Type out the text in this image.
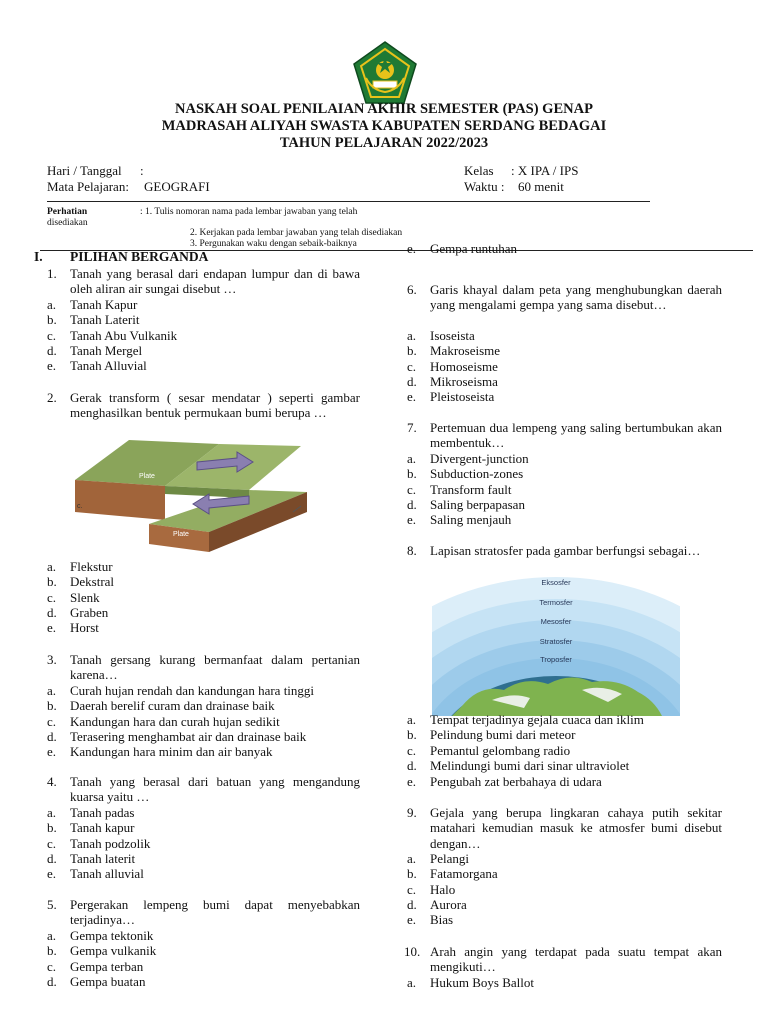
NASKAH SOAL PENILAIAN AKHIR SEMESTER (PAS) GENAP
MADRASAH ALIYAH SWASTA KABUPATEN SERDANG BEDAGAI
TAHUN PELAJARAN 2022/2023
Hari / Tanggal :
Mata Pelajaran: GEOGRAFI
Kelas : X IPA / IPS
Waktu : 60 menit
Perhatian	: 1. Tulis nomoran nama pada lembar jawaban yang telah
disediakan
2. Kerjakan pada lembar jawaban yang telah disediakan
3. Pergunakan waku dengan sebaik-baiknya
I. PILIHAN BERGANDA
1. Tanah yang berasal dari endapan lumpur dan di bawa oleh aliran air sungai disebut …
a. Tanah Kapur
b. Tanah Laterit
c. Tanah Abu Vulkanik
d. Tanah Mergel
e. Tanah Alluvial
2. Gerak transform ( sesar mendatar ) seperti gambar menghasilkan bentuk permukaan bumi berupa …
Plate
Plate
c.
a. Flekstur
b. Dekstral
c. Slenk
d. Graben
e. Horst
3. Tanah gersang kurang bermanfaat dalam pertanian karena…
a. Curah hujan rendah dan kandungan hara tinggi
b. Daerah berelif curam dan drainase baik
c. Kandungan hara dan curah hujan sedikit
d. Terasering menghambat air dan drainase baik
e. Kandungan hara minim dan air banyak
4. Tanah yang berasal dari batuan yang mengandung kuarsa yaitu …
a. Tanah padas
b. Tanah kapur
c. Tanah podzolik
d. Tanah laterit
e. Tanah alluvial
5. Pergerakan lempeng bumi dapat menyebabkan terjadinya…
a. Gempa tektonik
b. Gempa vulkanik
c. Gempa terban
d. Gempa buatan
e. Gempa runtuhan
6. Garis khayal dalam peta yang menghubungkan daerah yang mengalami gempa yang sama disebut…
a. Isoseista
b. Makroseisme
c. Homoseisme
d. Mikroseisma
e. Pleistoseista
7. Pertemuan dua lempeng yang saling bertumbukan akan membentuk…
a. Divergent-junction
b. Subduction-zones
c. Transform fault
d. Saling berpapasan
e. Saling menjauh
8. Lapisan stratosfer pada gambar berfungsi sebagai…
Eksosfer
Termosfer
Mesosfer
Stratosfer
Troposfer
a. Tempat terjadinya gejala cuaca dan iklim
b. Pelindung bumi dari meteor
c. Pemantul gelombang radio
d. Melindungi bumi dari sinar ultraviolet
e. Pengubah zat berbahaya di udara
9. Gejala yang berupa lingkaran cahaya putih sekitar matahari kemudian masuk ke atmosfer bumi disebut dengan…
a. Pelangi
b. Fatamorgana
c. Halo
d. Aurora
e. Bias
10. Arah angin yang terdapat pada suatu tempat akan mengikuti…
a. Hukum Boys Ballot
